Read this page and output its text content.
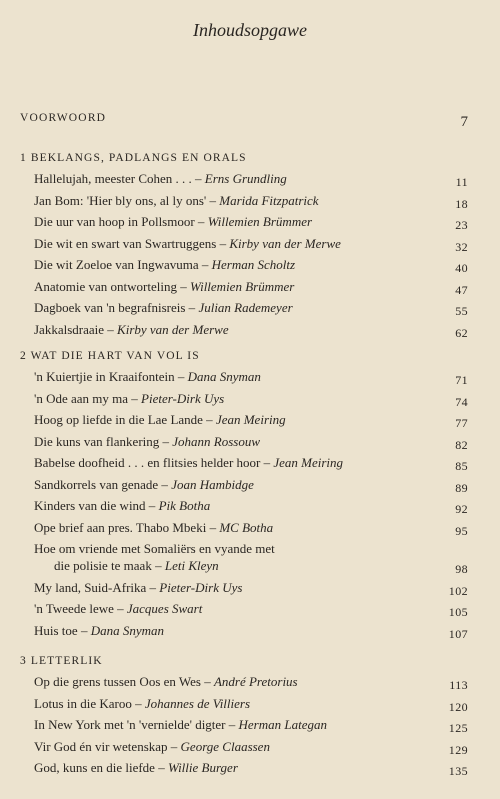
Inhoudsopgawe
VOORWOORD	7
1 BEKLANGS, PADLANGS EN ORALS
Hallelujah, meester Cohen . . . – Erns Grundling	11
Jan Bom: 'Hier bly ons, al ly ons' – Marida Fitzpatrick	18
Die uur van hoop in Pollsmoor – Willemien Brümmer	23
Die wit en swart van Swartruggens – Kirby van der Merwe	32
Die wit Zoeloe van Ingwavuma – Herman Scholtz	40
Anatomie van ontworteling – Willemien Brümmer	47
Dagboek van 'n begrafnisreis – Julian Rademeyer	55
Jakkalsdraaie – Kirby van der Merwe	62
2 WAT DIE HART VAN VOL IS
'n Kuiertjie in Kraaifontein – Dana Snyman	71
'n Ode aan my ma – Pieter-Dirk Uys	74
Hoog op liefde in die Lae Lande – Jean Meiring	77
Die kuns van flankering – Johann Rossouw	82
Babelse doofheid . . . en flitsies helder hoor – Jean Meiring	85
Sandkorrels van genade – Joan Hambidge	89
Kinders van die wind – Pik Botha	92
Ope brief aan pres. Thabo Mbeki – MC Botha	95
Hoe om vriende met Somaliërs en vyande met
die polisie te maak – Leti Kleyn	98
My land, Suid-Afrika – Pieter-Dirk Uys	102
'n Tweede lewe – Jacques Swart	105
Huis toe – Dana Snyman	107
3 LETTERLIK
Op die grens tussen Oos en Wes – André Pretorius	113
Lotus in die Karoo – Johannes de Villiers	120
In New York met 'n 'vernielde' digter – Herman Lategan	125
Vir God én vir wetenskap – George Claassen	129
God, kuns en die liefde – Willie Burger	135
